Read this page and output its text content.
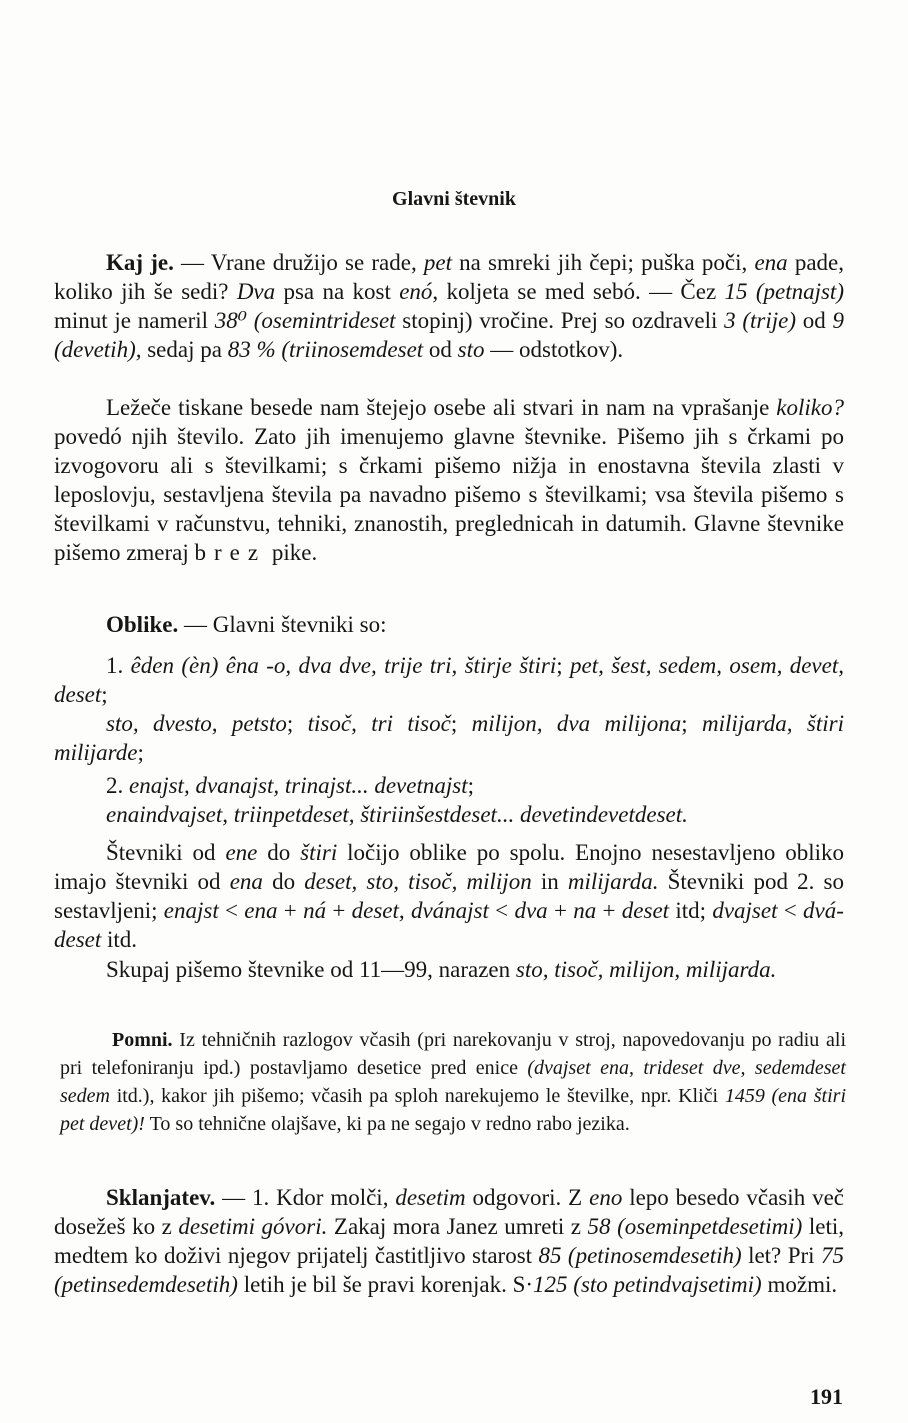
Glavni števnik
Kaj je. — Vrane družijo se rade, pet na smreki jih čepi; puška poči, ena pade, koliko jih še sedi? Dva psa na kost enó, koljeta se med sebó. — Čez 15 (petnajst) minut je nameril 38⁰ (osemintrideset stopinj) vročine. Prej so ozdraveli 3 (trije) od 9 (devetih), sedaj pa 83 % (triinosemdeset od sto — odstotkov).
Ležeče tiskane besede nam štejejo osebe ali stvari in nam na vprašanje koliko? povedó njih število. Zato jih imenujemo glavne števnike. Pišemo jih s črkami po izvogovoru ali s številkami; s črkami pišemo nižja in enostavna števila zlasti v leposlovju, sestavljena števila pa navadno pišemo s številkami; vsa števila pišemo s številkami v računstvu, tehniki, znanostih, preglednicah in datumih. Glavne števnike pišemo zmeraj brez pike.
Oblike. — Glavni števniki so:
1. êden (èn) êna -o, dva dve, trije tri, štirje štiri; pet, šest, sedem, osem, devet, deset;
sto, dvesto, petsto; tisoč, tri tisoč; milijon, dva milijona; milijarda, štiri milijarde;
2. enajst, dvanajst, trinajst... devetnajst;
enaindvajset, triinpetdeset, štiriinšestdeset... devetindevetdeset.
Števniki od ene do štiri ločijo oblike po spolu. Enojno nesestavljeno obliko imajo števniki od ena do deset, sto, tisoč, milijon in milijarda. Števniki pod 2. so sestavljeni; enajst < ena + ná + deset, dvánajst < dva + na + deset itd; dvajset < dvá-deset itd.
Skupaj pišemo števnike od 11—99, narazen sto, tisoč, milijon, milijarda.
Pomni. Iz tehničnih razlogov včasih (pri narekovanju v stroj, napovedovanju po radiu ali pri telefoniranju ipd.) postavljamo desetice pred enice (dvajset ena, trideset dve, sedemdeset sedem itd.), kakor jih pišemo; včasih pa sploh narekujemo le številke, npr. Kliči 1459 (ena štiri pet devet)! To so tehnične olajšave, ki pa ne segajo v redno rabo jezika.
Sklanjatev. — 1. Kdor molči, desetim odgovori. Z eno lepo besedo včasih več dosežeš ko z desetimi góvori. Zakaj mora Janez umreti z 58 (oseminpetdesetimi) leti, medtem ko doživi njegov prijatelj častitljivo starost 85 (petinosemdesetih) let? Pri 75 (petinsedemdesetih) letih je bil še pravi korenjak. S·125 (sto petindvajsetimi) možmi.
191
